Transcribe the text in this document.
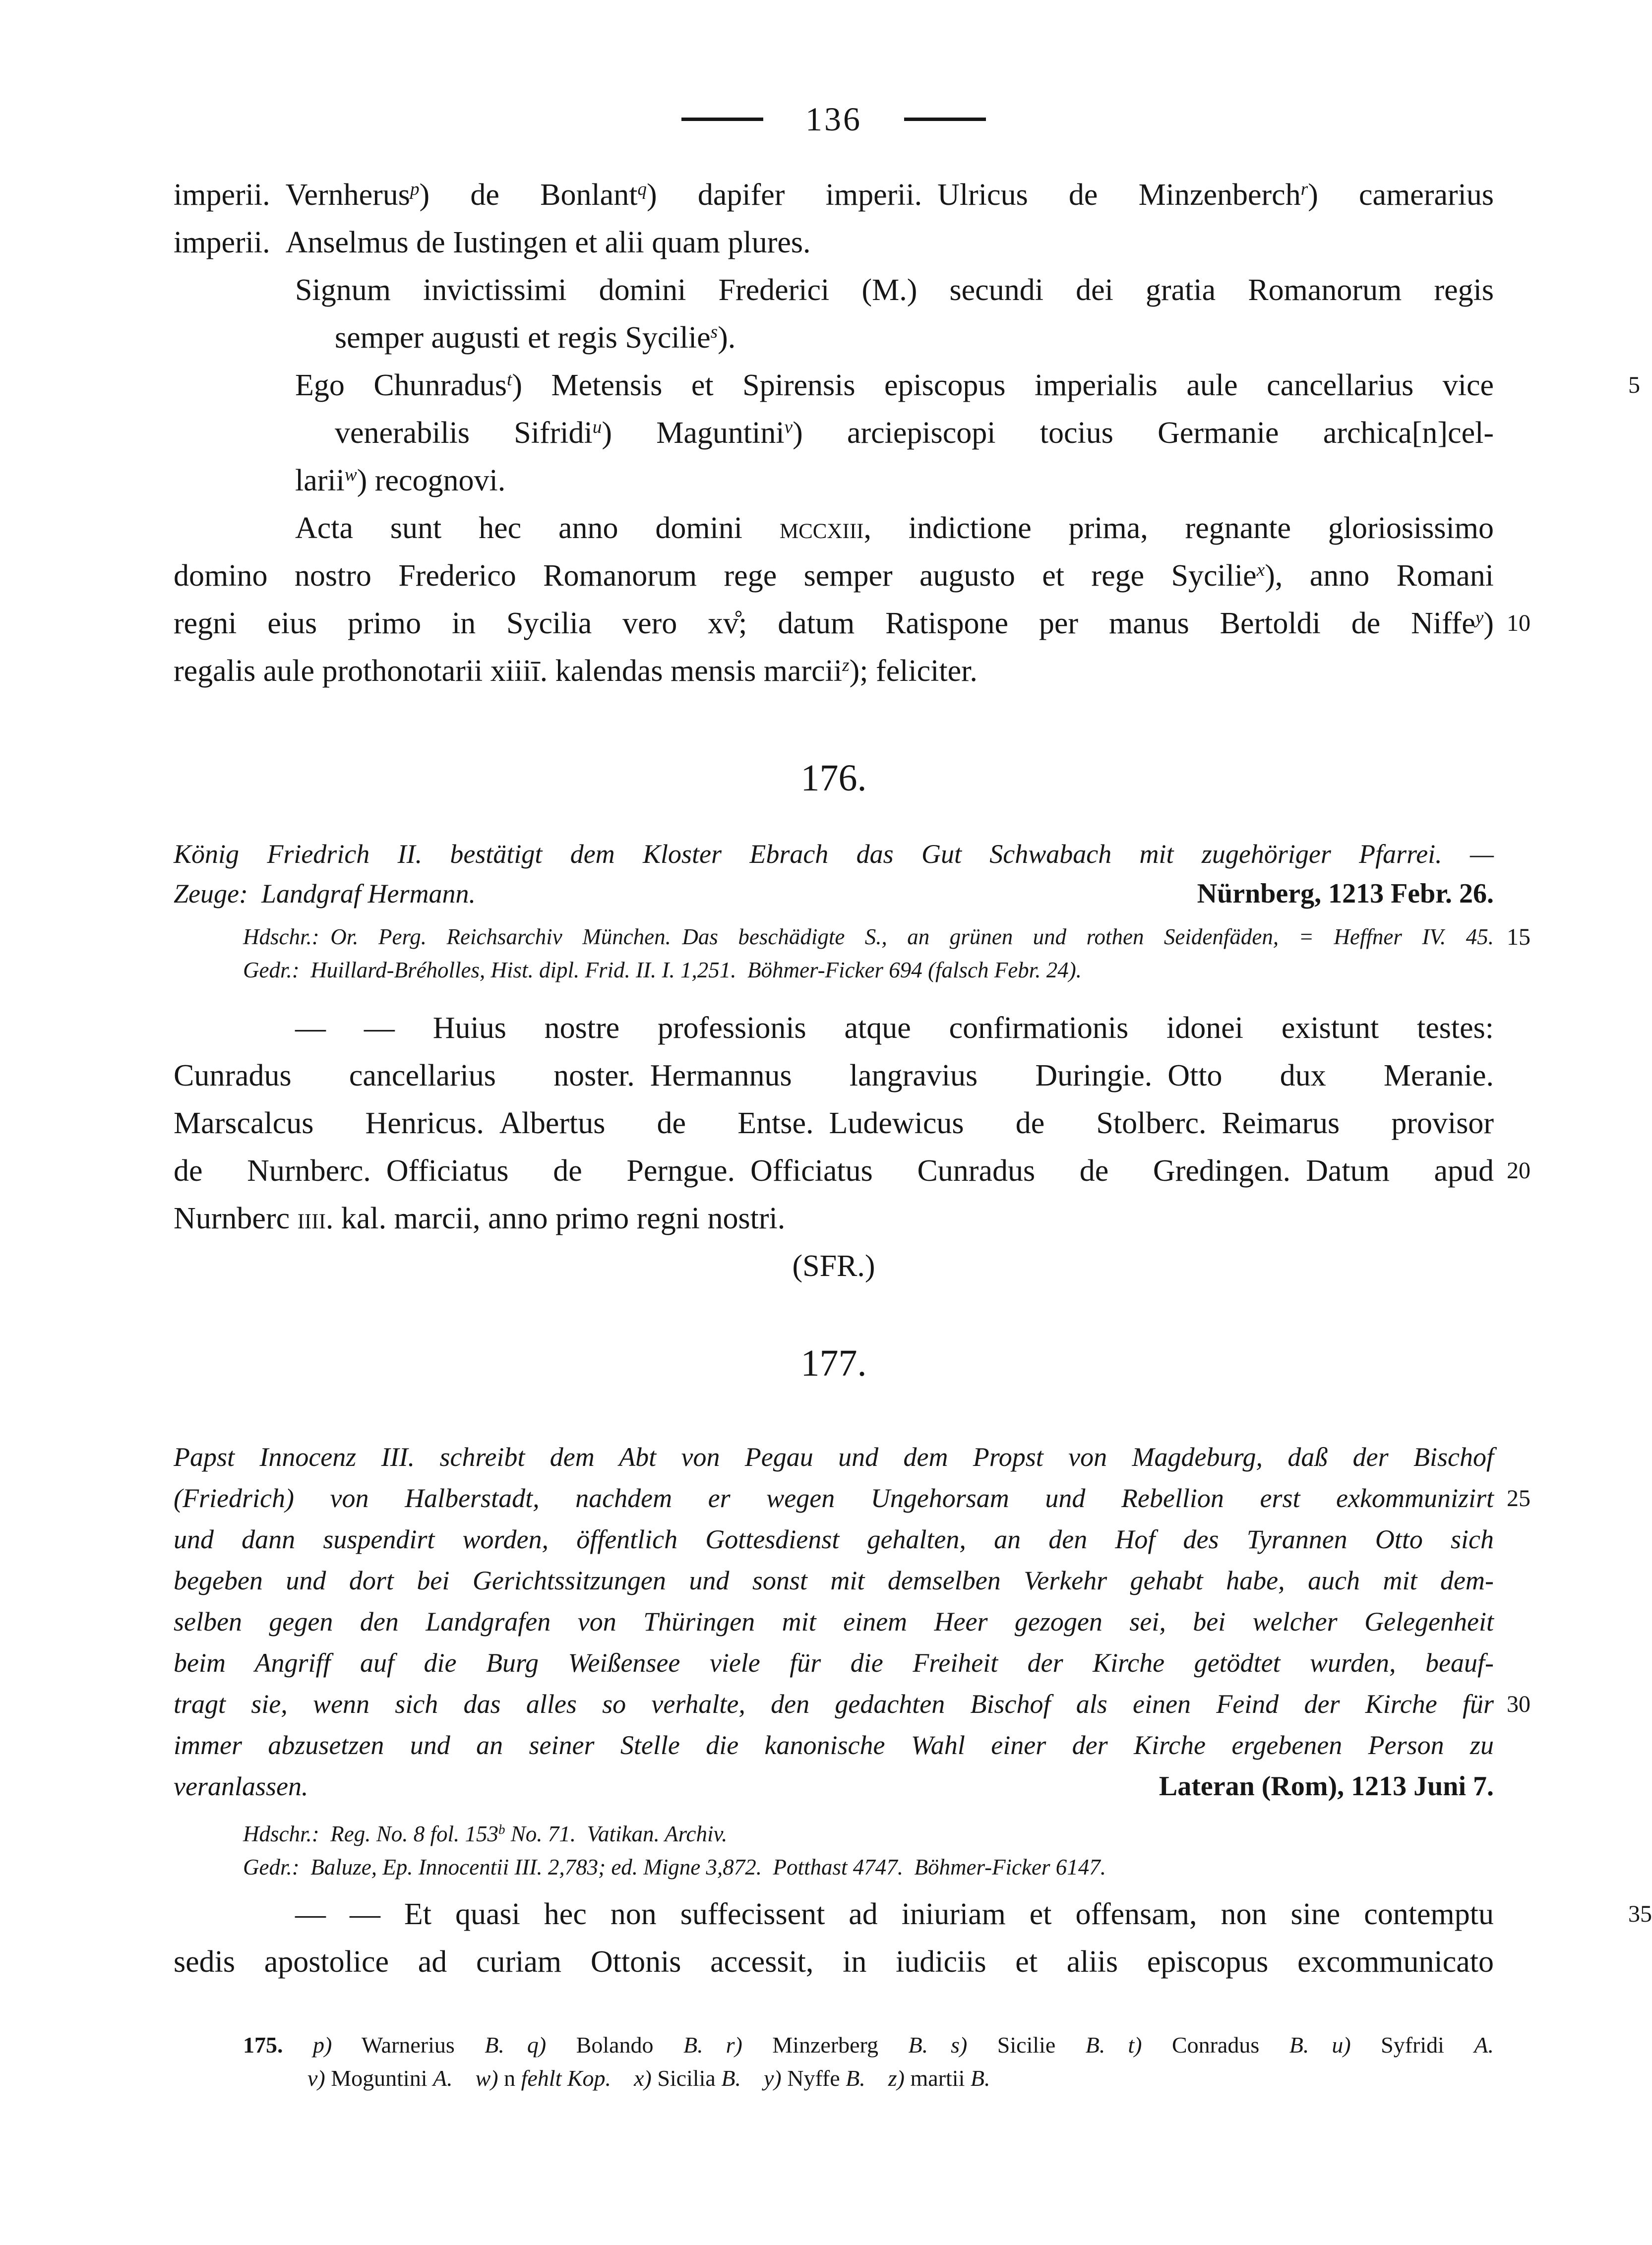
136
imperii. Vernherus$^p$) de Bonlant$^q$) dapifer imperii. Ulricus de Minzenberch$^r$) camerarius
imperii. Anselmus de Iustingen et alii quam plures.
Signum invictissimi domini Frederici (M.) secundi dei gratia Romanorum regis
semper augusti et regis Sycilie$^s$).
Ego Chunradus$^t$) Metensis et Spirensis episcopus imperialis aule cancellarius vice	5
venerabilis Sifridi$^u$) Maguntini$^v$) arciepiscopi tocius Germanie archica[n]cel-
larii$^w$) recognovi.
Acta sunt hec anno domini mccxiii, indictione prima, regnante gloriosissimo
domino nostro Frederico Romanorum rege semper augusto et rege Sycilie$^x$), anno Romani
regni eius primo in Sycilia vero xv̊; datum Ratispone per manus Bertoldi de Niffe$^y$) 10
regalis aule prothonotarii xiiiī. kalendas mensis marcii$^z$); feliciter.
176.
König Friedrich II. bestätigt dem Kloster Ebrach das Gut Schwabach mit zugehöriger Pfarrei. —
Zeuge: Landgraf Hermann.	Nürnberg, 1213 Febr. 26.
Hdschr.: Or. Perg. Reichsarchiv München. Das beschädigte S., an grünen und rothen Seidenfäden, = Heffner IV. 45. 15
Gedr.: Huillard-Bréholles, Hist. dipl. Frid. II. I. 1,251. Böhmer-Ficker 694 (falsch Febr. 24).
— — Huius nostre professionis atque confirmationis idonei existunt testes:
Cunradus cancellarius noster. Hermannus langravius Duringie. Otto dux Meranie.
Marscalcus Henricus. Albertus de Entse. Ludewicus de Stolberc. Reimarus provisor
de Nurnberc. Officiatus de Perngue. Officiatus Cunradus de Gredingen. Datum apud 20
Nurnberc iiii. kal. marcii, anno primo regni nostri.
(SFR.)
177.
Papst Innocenz III. schreibt dem Abt von Pegau und dem Propst von Magdeburg, daß der Bischof
(Friedrich) von Halberstadt, nachdem er wegen Ungehorsam und Rebellion erst exkommunizirt 25
und dann suspendirt worden, öffentlich Gottesdienst gehalten, an den Hof des Tyrannen Otto sich
begeben und dort bei Gerichtssitzungen und sonst mit demselben Verkehr gehabt habe, auch mit dem-
selben gegen den Landgrafen von Thüringen mit einem Heer gezogen sei, bei welcher Gelegenheit
beim Angriff auf die Burg Weißensee viele für die Freiheit der Kirche getödtet wurden, beauf-
tragt sie, wenn sich das alles so verhalte, den gedachten Bischof als einen Feind der Kirche für 30
immer abzusetzen und an seiner Stelle die kanonische Wahl einer der Kirche ergebenen Person zu
veranlassen.	Lateran (Rom), 1213 Juni 7.
Hdschr.: Reg. No. 8 fol. 153$^b$ No. 71. Vatikan. Archiv.
Gedr.: Baluze, Ep. Innocentii III. 2,783; ed. Migne 3,872. Potthast 4747. Böhmer-Ficker 6147.
— — Et quasi hec non suffecissent ad iniuriam et offensam, non sine contemptu	35
sedis apostolice ad curiam Ottonis accessit, in iudiciis et aliis episcopus excommunicato
175. p) Warnerius B.  q) Bolando B.  r) Minzerberg B.  s) Sicilie B.  t) Conradus B.  u) Syfridi A.
v) Moguntini A.  w) n fehlt Kop.  x) Sicilia B.  y) Nyffe B.  z) martii B.
